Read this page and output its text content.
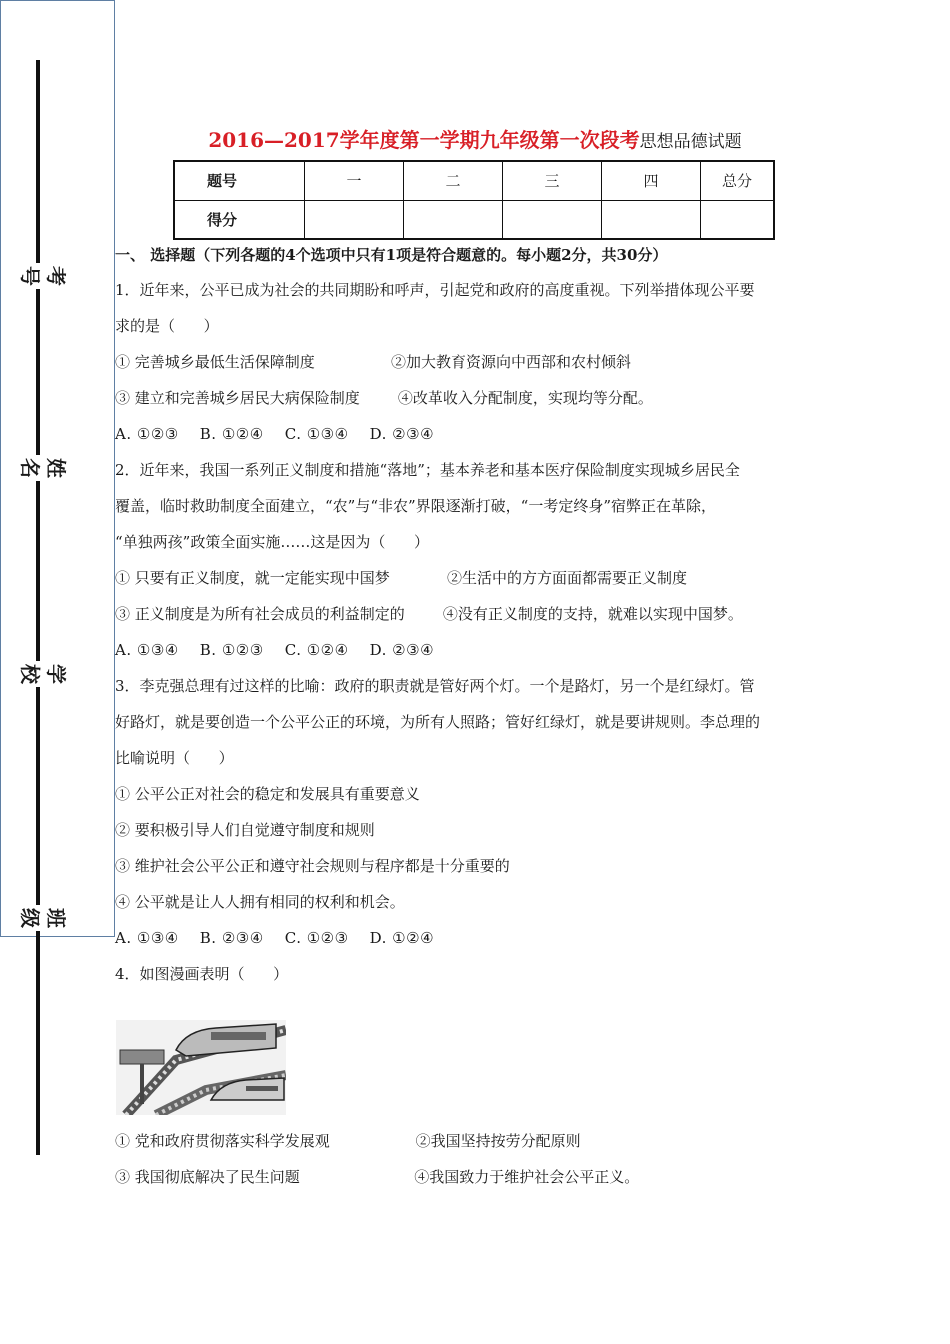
考号
姓名
学校
班级
2016—2017学年度第一学期九年级第一次段考思想品德试题
题号	一	二	三	四	总分
得分					
一、 选择题（下列各题的4个选项中只有1项是符合题意的。每小题2分，共30分）

1．近年来，公平已成为社会的共同期盼和呼声，引起党和政府的高度重视。下列举措体现公平要

求的是（      ）

① 完善城乡最低生活保障制度                ②加大教育资源向中西部和农村倾斜

③ 建立和完善城乡居民大病保险制度        ④改革收入分配制度，实现均等分配。

A. ①②③    B. ①②④    C. ①③④    D. ②③④

2．近年来，我国一系列正义制度和措施“落地”；基本养老和基本医疗保险制度实现城乡居民全

覆盖，临时救助制度全面建立，“农”与“非农”界限逐渐打破，“一考定终身”宿弊正在革除，

“单独两孩”政策全面实施……这是因为（      ）

① 只要有正义制度，就一定能实现中国梦            ②生活中的方方面面都需要正义制度

③ 正义制度是为所有社会成员的利益制定的        ④没有正义制度的支持，就难以实现中国梦。

A. ①③④    B. ①②③    C. ①②④    D. ②③④

3．李克强总理有过这样的比喻：政府的职责就是管好两个灯。一个是路灯，另一个是红绿灯。管

好路灯，就是要创造一个公平公正的环境，为所有人照路；管好红绿灯，就是要讲规则。李总理的

比喻说明（      ）

① 公平公正对社会的稳定和发展具有重要意义

② 要积极引导人们自觉遵守制度和规则

③ 维护社会公平公正和遵守社会规则与程序都是十分重要的

④ 公平就是让人人拥有相同的权利和机会。

A. ①③④    B. ②③④    C. ①②③    D. ①②④

4．如图漫画表明（      ）

① 党和政府贯彻落实科学发展观                  ②我国坚持按劳分配原则

③ 我国彻底解决了民生问题                        ④我国致力于维护社会公平正义。
